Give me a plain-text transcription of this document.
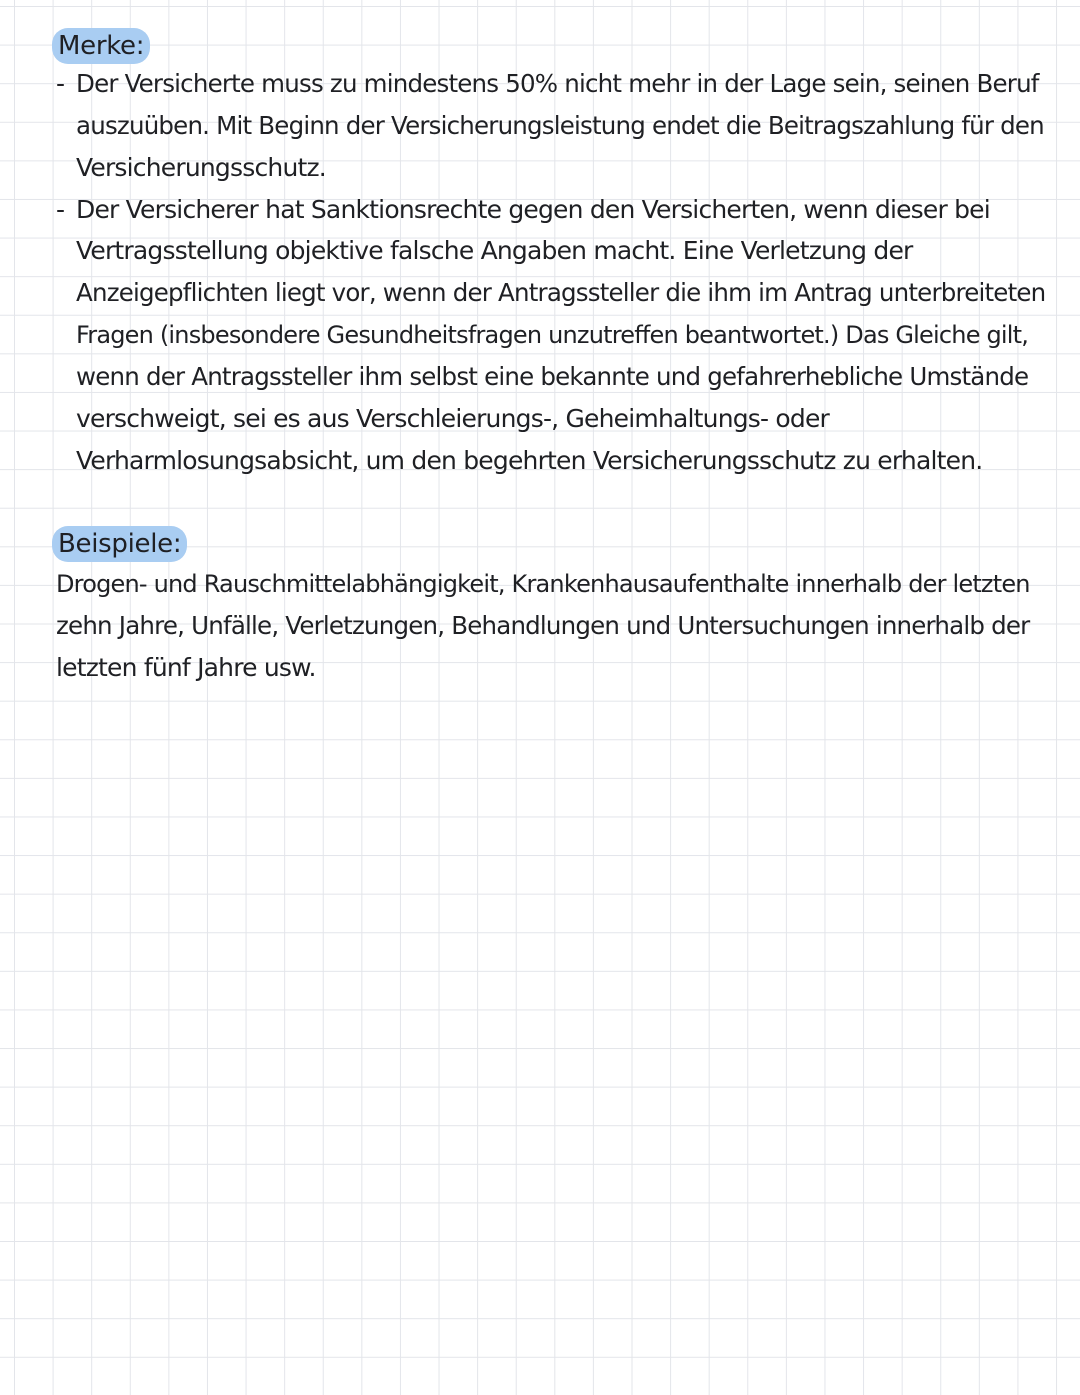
Merke:
- Der Versicherte muss zu mindestens 50% nicht mehr in der Lage sein, seinen Beruf
auszuüben. Mit Beginn der Versicherungsleistung endet die Beitragszahlung für den
Versicherungsschutz.
- Der Versicherer hat Sanktionsrechte gegen den Versicherten, wenn dieser bei
Vertragsstellung objektive falsche Angaben macht. Eine Verletzung der
Anzeigepflichten liegt vor, wenn der Antragssteller die ihm im Antrag unterbreiteten
Fragen (insbesondere Gesundheitsfragen unzutreffen beantwortet.) Das Gleiche gilt,
wenn der Antragssteller ihm selbst eine bekannte und gefahrerhebliche Umstände
verschweigt, sei es aus Verschleierungs-, Geheimhaltungs- oder
Verharmlosungsabsicht, um den begehrten Versicherungsschutz zu erhalten.
Beispiele:
Drogen- und Rauschmittelabhängigkeit, Krankenhausaufenthalte innerhalb der letzten
zehn Jahre, Unfälle, Verletzungen, Behandlungen und Untersuchungen innerhalb der
letzten fünf Jahre usw.
